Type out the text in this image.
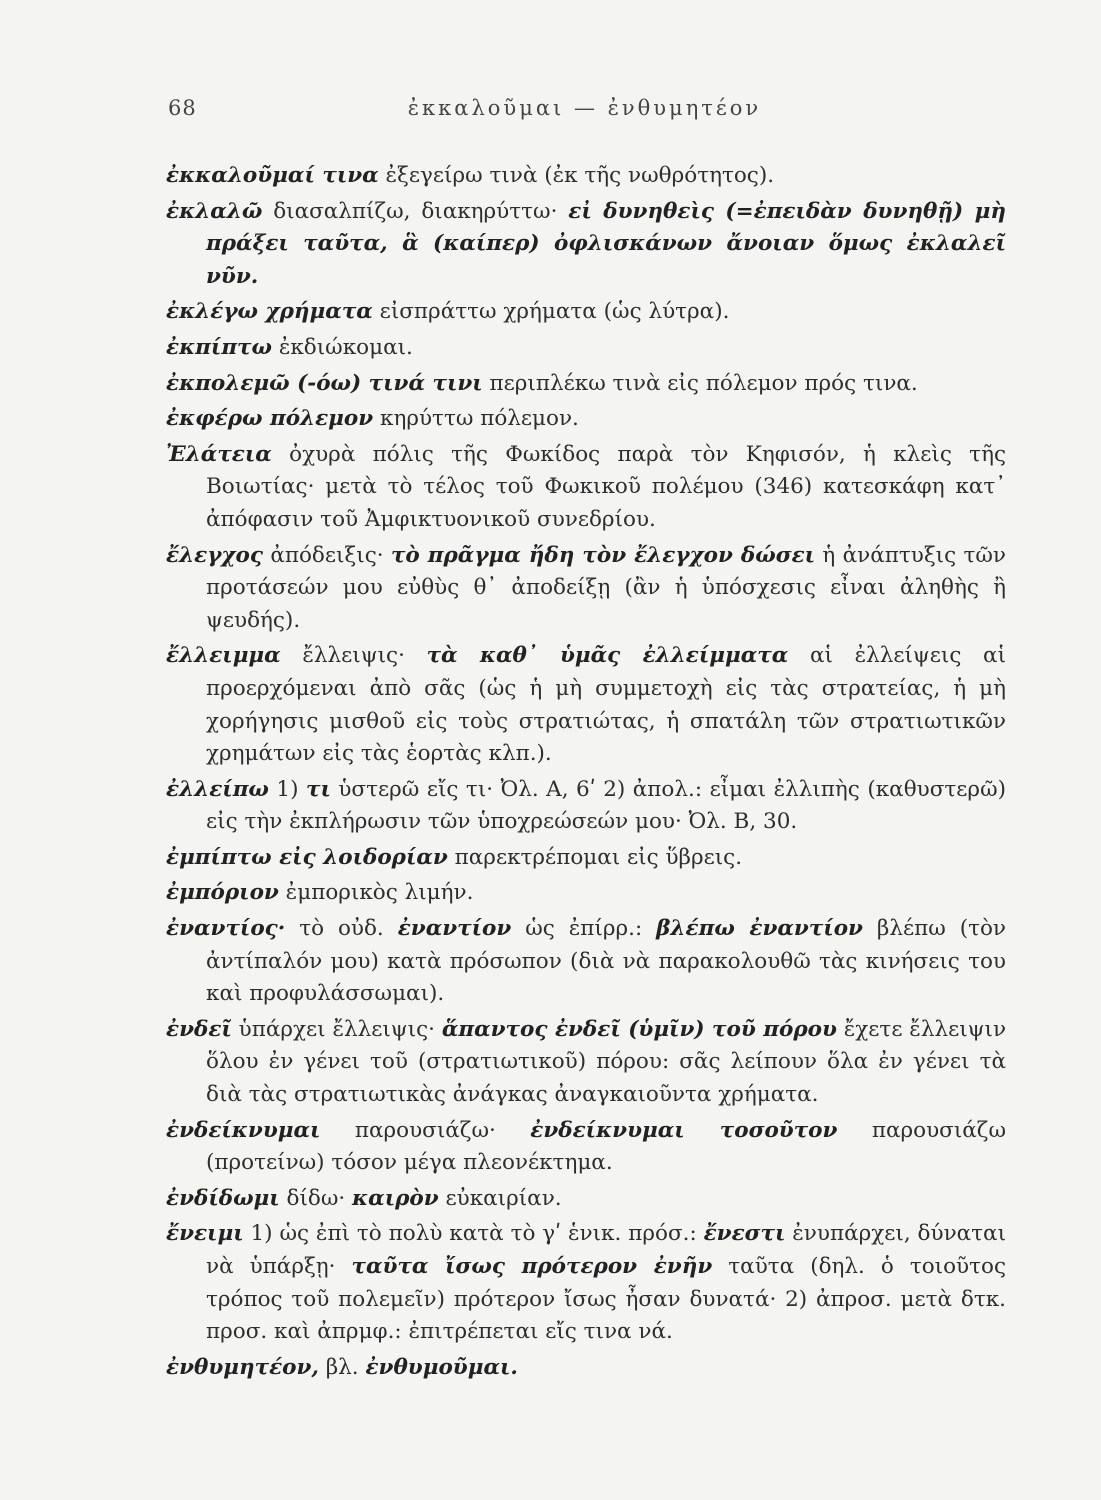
68	ἐκκαλοῦμαι — ἐνθυμητέον

ἐκκαλοῦμαί τινα ἐξεγείρω τινὰ (ἐκ τῆς νωθρότητος).

ἐκλαλῶ διασαλπίζω, διακηρύττω· εἰ δυνηθεὶς (=ἐπειδὰν δυνηθῇ) μὴ πράξει ταῦτα, ἃ (καίπερ) ὀφλισκάνων ἄνοιαν ὅμως ἐκλαλεῖ νῦν.

ἐκλέγω χρήματα εἰσπράττω χρήματα (ὡς λύτρα).

ἐκπίπτω ἐκδιώκομαι.

ἐκπολεμῶ (-όω) τινά τινι περιπλέκω τινὰ εἰς πόλεμον πρός τινα.

ἐκφέρω πόλεμον κηρύττω πόλεμον.

Ἐλάτεια ὀχυρὰ πόλις τῆς Φωκίδος παρὰ τὸν Κηφισόν, ἡ κλεὶς τῆς Βοιωτίας· μετὰ τὸ τέλος τοῦ Φωκικοῦ πολέμου (346) κατεσκάφη κατ᾿ ἀπόφασιν τοῦ Ἀμφικτυονικοῦ συνεδρίου.

ἔλεγχος ἀπόδειξις· τὸ πρᾶγμα ἤδη τὸν ἔλεγχον δώσει ἡ ἀνάπτυξις τῶν προτάσεών μου εὐθὺς θ᾿ ἀποδείξῃ (ἂν ἡ ὑπόσχεσις εἶναι ἀληθὴς ἢ ψευδής).

ἔλλειμμα ἔλλειψις· τὰ καθ᾿ ὑμᾶς ἐλλείμματα αἱ ἐλλείψεις αἱ προερχόμεναι ἀπὸ σᾶς (ὡς ἡ μὴ συμμετοχὴ εἰς τὰς στρατείας, ἡ μὴ χορήγησις μισθοῦ εἰς τοὺς στρατιώτας, ἡ σπατάλη τῶν στρατιωτικῶν χρημάτων εἰς τὰς ἑορτὰς κλπ.).

ἐλλείπω 1) τι ὑστερῶ εἴς τι· Ὀλ. Α, 6ʹ 2) ἀπολ.: εἶμαι ἐλλιπὴς (καθυστερῶ) εἰς τὴν ἐκπλήρωσιν τῶν ὑποχρεώσεών μου· Ὀλ. Β, 30.

ἐμπίπτω εἰς λοιδορίαν παρεκτρέπομαι εἰς ὕβρεις.

ἐμπόριον ἐμπορικὸς λιμήν.

ἐναντίος· τὸ οὐδ. ἐναντίον ὡς ἐπίρρ.: βλέπω ἐναντίον βλέπω (τὸν ἀντίπαλόν μου) κατὰ πρόσωπον (διὰ νὰ παρακολουθῶ τὰς κινήσεις του καὶ προφυλάσσωμαι).

ἐνδεῖ ὑπάρχει ἔλλειψις· ἅπαντος ἐνδεῖ (ὑμῖν) τοῦ πόρου ἔχετε ἔλλειψιν ὅλου ἐν γένει τοῦ (στρατιωτικοῦ) πόρου: σᾶς λείπουν ὅλα ἐν γένει τὰ διὰ τὰς στρατιωτικὰς ἀνάγκας ἀναγκαιοῦντα χρήματα.

ἐνδείκνυμαι παρουσιάζω· ἐνδείκνυμαι τοσοῦτον παρουσιάζω (προτείνω) τόσον μέγα πλεονέκτημα.

ἐνδίδωμι δίδω· καιρὸν εὐκαιρίαν.

ἔνειμι 1) ὡς ἐπὶ τὸ πολὺ κατὰ τὸ γʹ ἑνικ. πρόσ.: ἔνεστι ἐνυπάρχει, δύναται νὰ ὑπάρξῃ· ταῦτα ἴσως πρότερον ἐνῆν ταῦτα (δηλ. ὁ τοιοῦτος τρόπος τοῦ πολεμεῖν) πρότερον ἴσως ἦσαν δυνατά· 2) ἀπροσ. μετὰ δτκ. προσ. καὶ ἀπρμφ.: ἐπιτρέπεται εἴς τινα νά.

ἐνθυμητέον, βλ. ἐνθυμοῦμαι.
